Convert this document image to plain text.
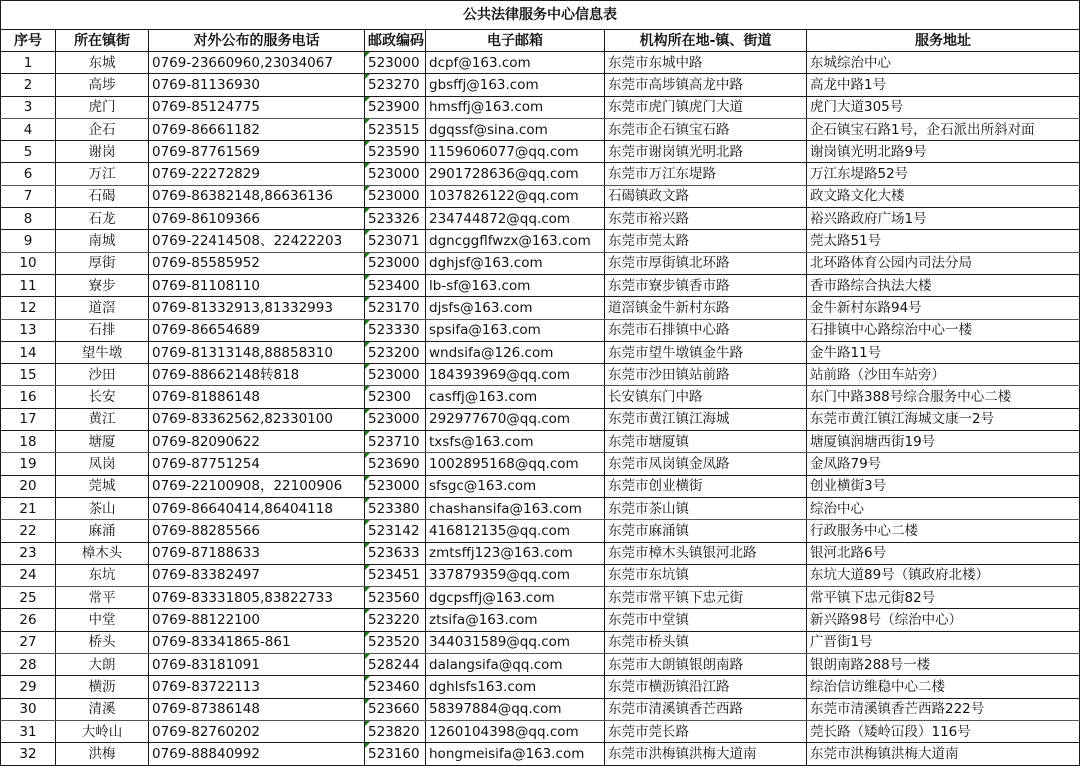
公共法律服务中心信息表						
序号	所在镇街	对外公布的服务电话	邮政编码	电子邮箱	机构所在地-镇、街道	服务地址
1	东城	0769-23660960,23034067	523000	dcpf@163.com	东莞市东城中路	东城综治中心
2	高埗	0769-81136930	523270	gbsffj@163.com	东莞市高埗镇高龙中路	高龙中路1号
3	虎门	0769-85124775	523900	hmsffj@163.com	东莞市虎门镇虎门大道	虎门大道305号
4	企石	0769-86661182	523515	dgqssf@sina.com	东莞市企石镇宝石路	企石镇宝石路1号，企石派出所斜对面
5	谢岗	0769-87761569	523590	1159606077@qq.com	东莞市谢岗镇光明北路	谢岗镇光明北路9号
6	万江	0769-22272829	523000	2901728636@qq.com	东莞市万江东堤路	万江东堤路52号
7	石碣	0769-86382148,86636136	523000	1037826122@qq.com	石碣镇政文路	政文路文化大楼
8	石龙	0769-86109366	523326	234744872@qq.com	东莞市裕兴路	裕兴路政府广场1号
9	南城	0769-22414508、22422203	523071	dgncggflfwzx@163.com	东莞市莞太路	莞太路51号
10	厚街	0769-85585952	523000	dghjsf@163.com	东莞市厚街镇北环路	北环路体育公园内司法分局
11	寮步	0769-81108110	523400	lb-sf@163.com	东莞市寮步镇香市路	香市路综合执法大楼
12	道滘	0769-81332913,81332993	523170	djsfs@163.com	道滘镇金牛新村东路	金牛新村东路94号
13	石排	0769-86654689	523330	spsifa@163.com	东莞市石排镇中心路	石排镇中心路综治中心一楼
14	望牛墩	0769-81313148,88858310	523200	wndsifa@126.com	东莞市望牛墩镇金牛路	金牛路11号
15	沙田	0769-88662148转818	523000	184393969@qq.com	东莞市沙田镇站前路	站前路（沙田车站旁）
16	长安	0769-81886148	52300	casffj@163.com	长安镇东门中路	东门中路388号综合服务中心二楼
17	黄江	0769-83362562,82330100	523000	292977670@qq.com	东莞市黄江镇江海城	东莞市黄江镇江海城文康一2号
18	塘厦	0769-82090622	523710	txsfs@163.com	东莞市塘厦镇	塘厦镇润塘西街19号
19	凤岗	0769-87751254	523690	1002895168@qq.com	东莞市凤岗镇金凤路	金凤路79号
20	莞城	0769-22100908，22100906	523000	sfsgc@163.com	东莞市创业横街	创业横街3号
21	茶山	0769-86640414,86404118	523380	chashansifa@163.com	东莞市茶山镇	综治中心
22	麻涌	0769-88285566	523142	416812135@qq.com	东莞市麻涌镇	行政服务中心二楼
23	樟木头	0769-87188633	523633	zmtsffj123@163.com	东莞市樟木头镇银河北路	银河北路6号
24	东坑	0769-83382497	523451	337879359@qq.com	东莞市东坑镇	东坑大道89号（镇政府北楼）
25	常平	0769-83331805,83822733	523560	dgcpsffj@163.com	东莞市常平镇下忠元街	常平镇下忠元街82号
26	中堂	0769-88122100	523220	ztsifa@163.com	东莞市中堂镇	新兴路98号（综治中心）
27	桥头	0769-83341865-861	523520	344031589@qq.com	东莞市桥头镇	广晋街1号
28	大朗	0769-83181091	528244	dalangsifa@qq.com	东莞市大朗镇银朗南路	银朗南路288号一楼
29	横沥	0769-83722113	523460	dghlsfs163.com	东莞市横沥镇沿江路	综治信访维稳中心二楼
30	清溪	0769-87386148	523660	58397884@qq.com	东莞市清溪镇香芒西路	东莞市清溪镇香芒西路222号
31	大岭山	0769-82760202	523820	1260104398@qq.com	东莞市莞长路	莞长路（矮岭冚段）116号
32	洪梅	0769-88840992	523160	hongmeisifa@163.com	东莞市洪梅镇洪梅大道南	东莞市洪梅镇洪梅大道南
